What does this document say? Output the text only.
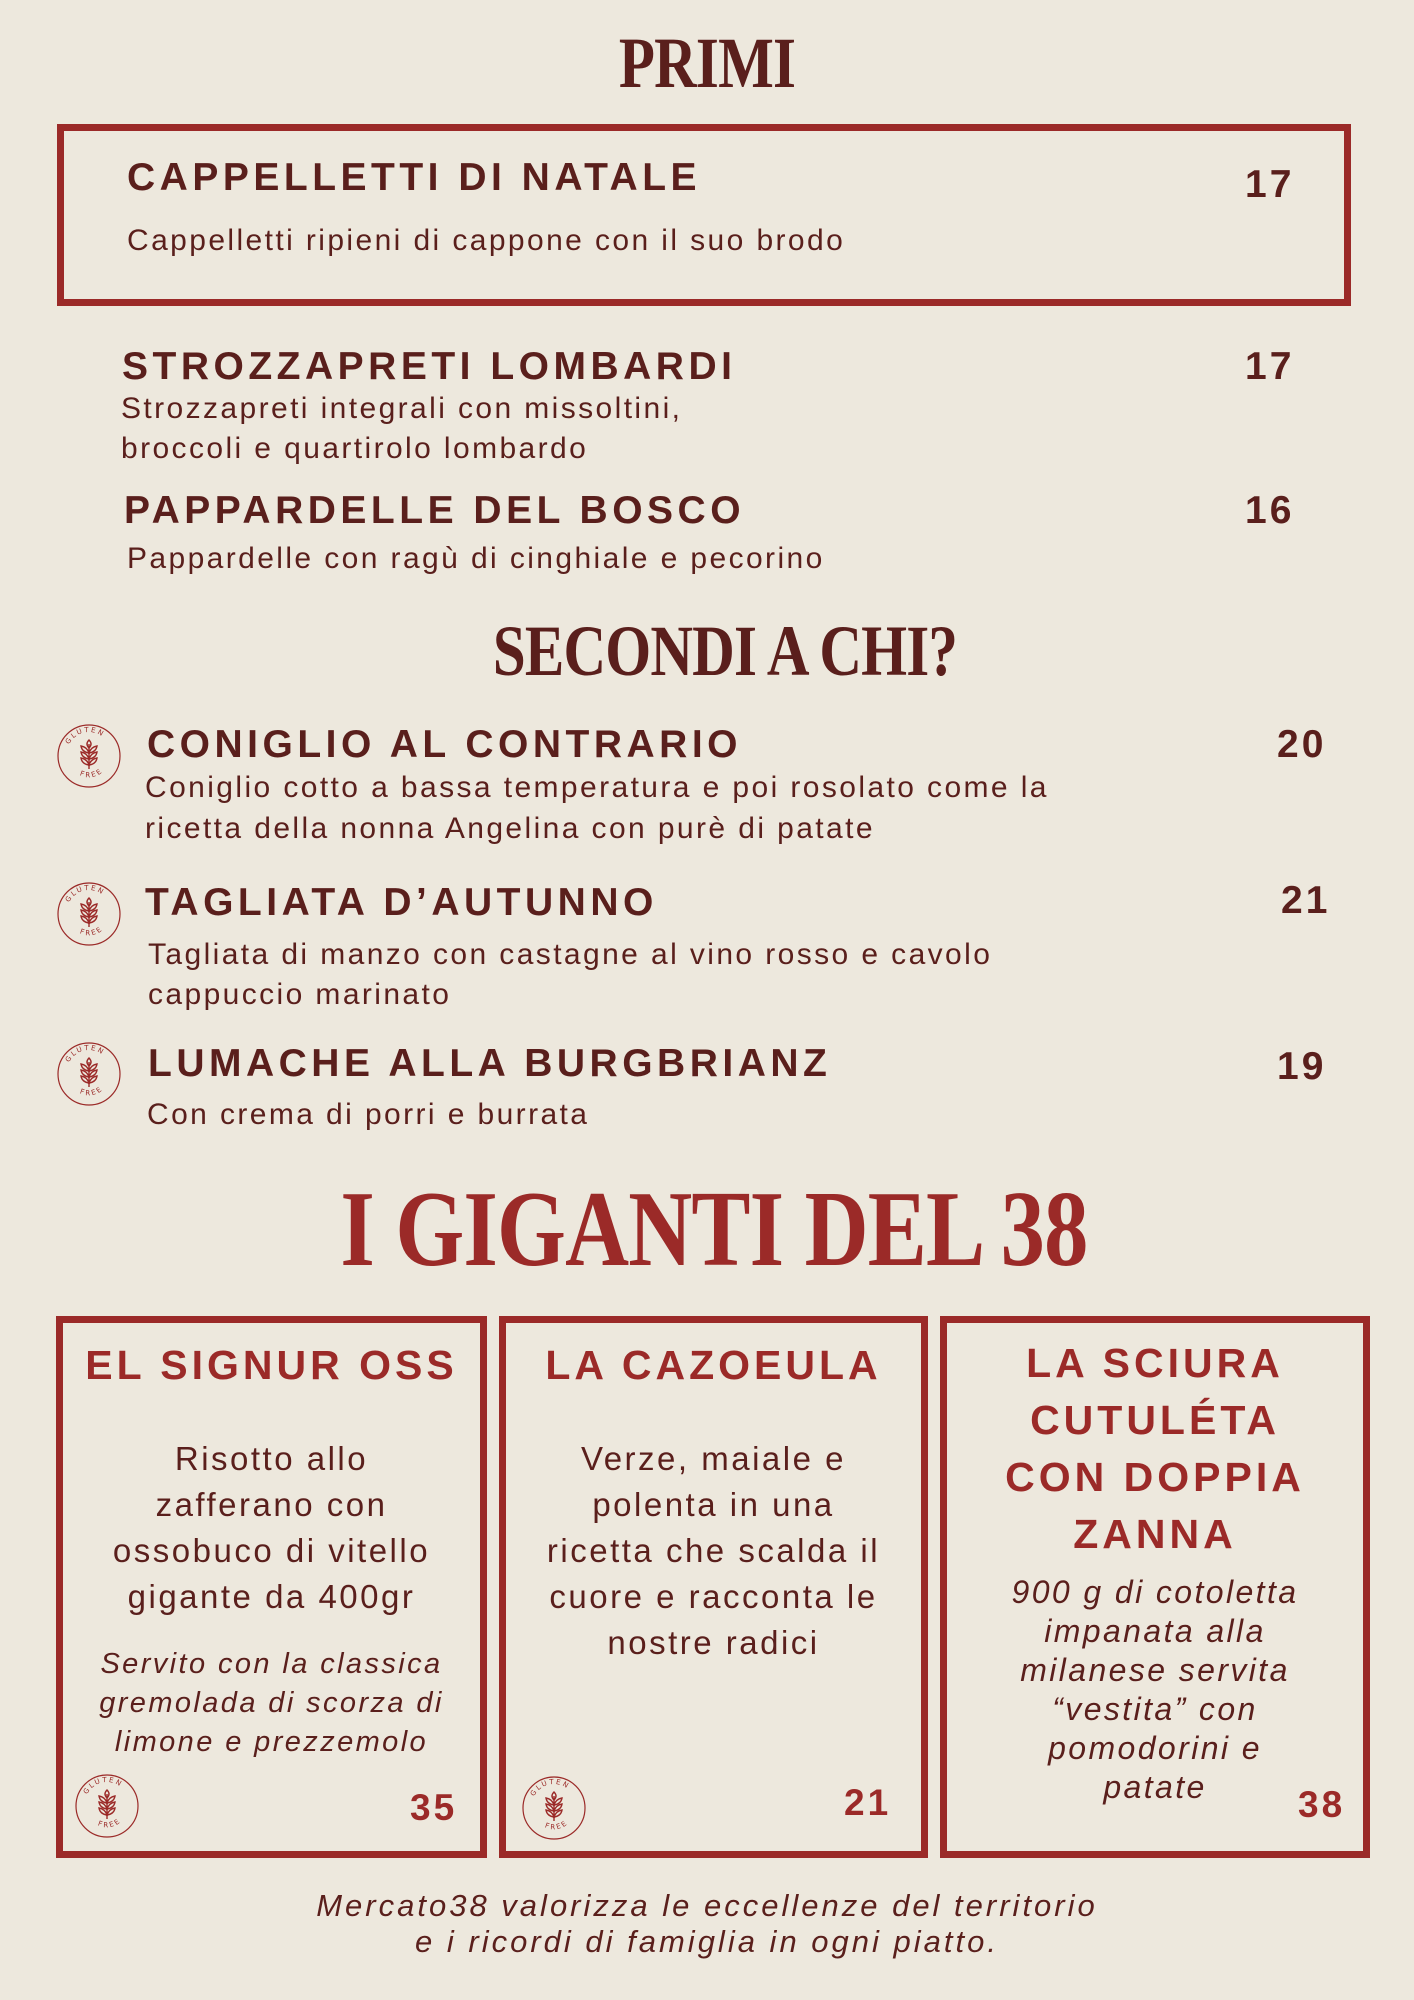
PRIMI
CAPPELLETTI DI NATALE	17
Cappelletti ripieni di cappone con il suo brodo
STROZZAPRETI LOMBARDI	17
Strozzapreti integrali con missoltini,
broccoli e quartirolo lombardo
PAPPARDELLE DEL BOSCO	16
Pappardelle con ragù di cinghiale e pecorino
SECONDI A CHI?
CONIGLIO AL CONTRARIO	20
Coniglio cotto a bassa temperatura e poi rosolato come la
ricetta della nonna Angelina con purè di patate
TAGLIATA D’AUTUNNO	21
Tagliata di manzo con castagne al vino rosso e cavolo
cappuccio marinato
LUMACHE ALLA BURGBRIANZ	19
Con crema di porri e burrata
I GIGANTI DEL 38
EL SIGNUR OSS
Risotto allo
zafferano con
ossobuco di vitello
gigante da 400gr
Servito con la classica
gremolada di scorza di
limone e prezzemolo
35
LA CAZOEULA
Verze, maiale e
polenta in una
ricetta che scalda il
cuore e racconta le
nostre radici
21
LA SCIURA
CUTULÉTA
CON DOPPIA
ZANNA
900 g di cotoletta
impanata alla
milanese servita
“vestita” con
pomodorini e
patate	38
Mercato38 valorizza le eccellenze del territorio
e i ricordi di famiglia in ogni piatto.
